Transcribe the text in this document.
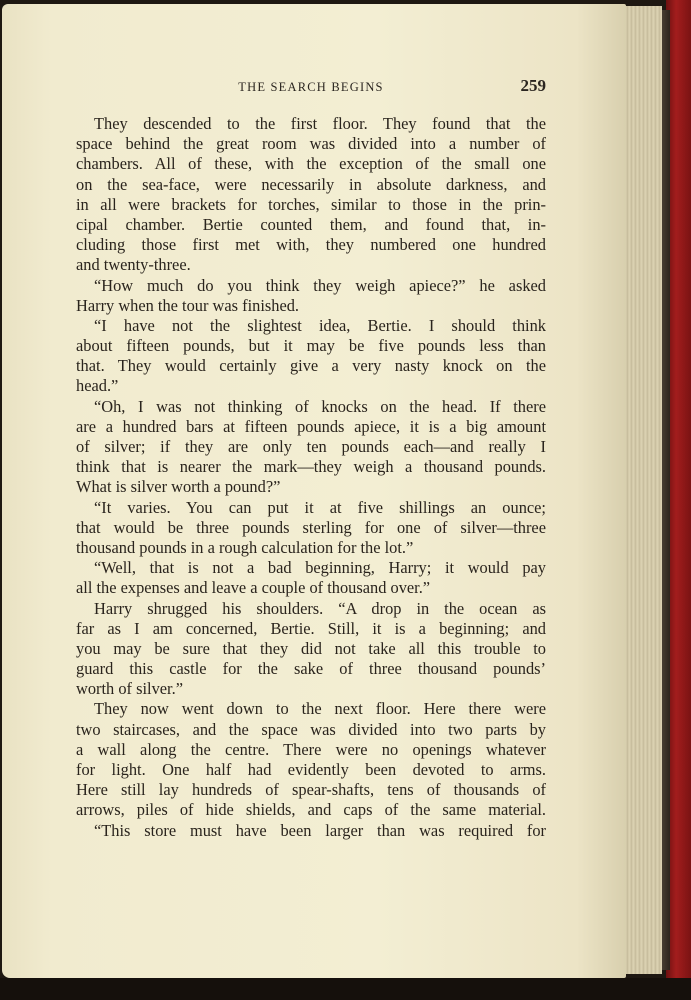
THE SEARCH BEGINS	259
They descended to the first floor. They found that the
space behind the great room was divided into a number of
chambers. All of these, with the exception of the small one
on the sea-face, were necessarily in absolute darkness, and
in all were brackets for torches, similar to those in the prin-
cipal chamber. Bertie counted them, and found that, in-
cluding those first met with, they numbered one hundred
and twenty-three.
“How much do you think they weigh apiece?” he asked
Harry when the tour was finished.
“I have not the slightest idea, Bertie. I should think
about fifteen pounds, but it may be five pounds less than
that. They would certainly give a very nasty knock on the
head.”
“Oh, I was not thinking of knocks on the head. If there
are a hundred bars at fifteen pounds apiece, it is a big amount
of silver; if they are only ten pounds each—and really I
think that is nearer the mark—they weigh a thousand pounds.
What is silver worth a pound?”
“It varies. You can put it at five shillings an ounce;
that would be three pounds sterling for one of silver—three
thousand pounds in a rough calculation for the lot.”
“Well, that is not a bad beginning, Harry; it would pay
all the expenses and leave a couple of thousand over.”
Harry shrugged his shoulders. “A drop in the ocean as
far as I am concerned, Bertie. Still, it is a beginning; and
you may be sure that they did not take all this trouble to
guard this castle for the sake of three thousand pounds’
worth of silver.”
They now went down to the next floor. Here there were
two staircases, and the space was divided into two parts by
a wall along the centre. There were no openings whatever
for light. One half had evidently been devoted to arms.
Here still lay hundreds of spear-shafts, tens of thousands of
arrows, piles of hide shields, and caps of the same material.
“This store must have been larger than was required for
